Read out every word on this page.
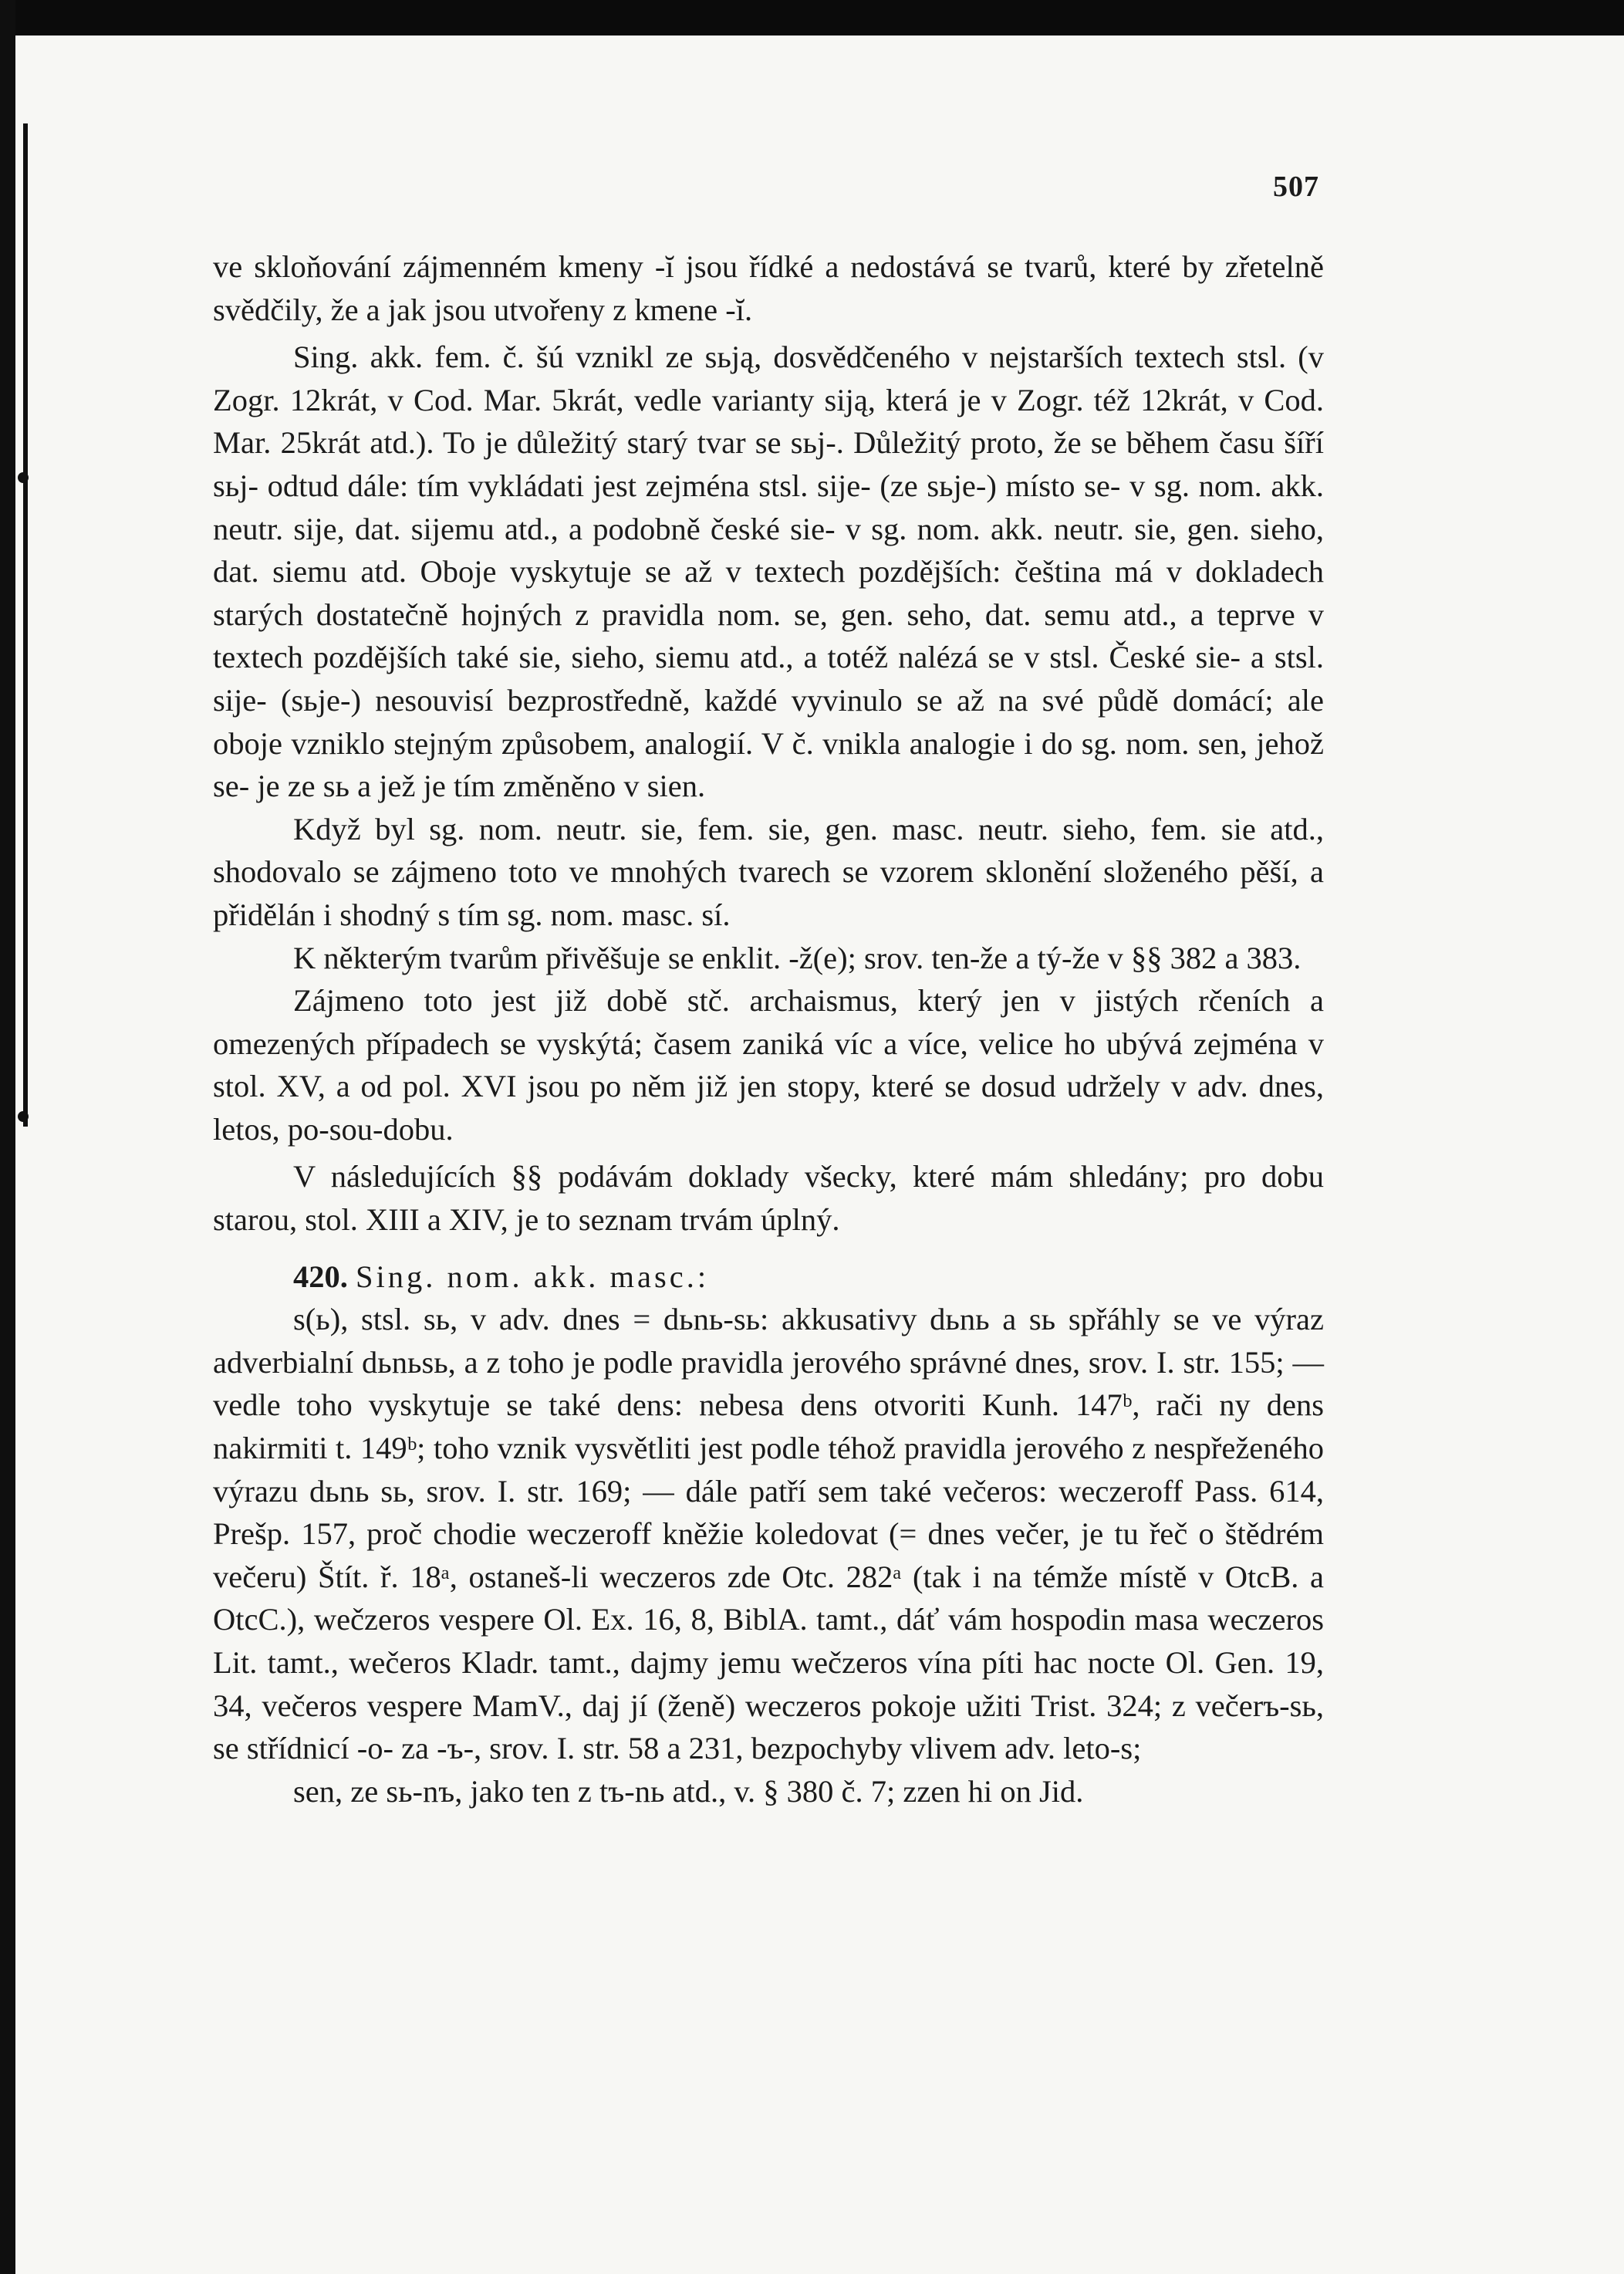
507

ve skloňování zájmenném kmeny -ĭ jsou řídké a nedostává se tvarů, které by zřetelně svědčily, že a jak jsou utvořeny z kmene -ĭ.

Sing. akk. fem. č. šú vznikl ze sьją, dosvědčeného v nejstarších textech stsl. (v Zogr. 12krát, v Cod. Mar. 5krát, vedle varianty siją, která je v Zogr. též 12krát, v Cod. Mar. 25krát atd.). To je důležitý starý tvar se sьj-. Důležitý proto, že se během času šíří sьj- odtud dále: tím vykládati jest zejména stsl. sije- (ze sьje-) místo se- v sg. nom. akk. neutr. sije, dat. sijemu atd., a podobně české sie- v sg. nom. akk. neutr. sie, gen. sieho, dat. siemu atd. Oboje vyskytuje se až v textech pozdějších: čeština má v dokladech starých dostatečně hojných z pravidla nom. se, gen. seho, dat. semu atd., a teprve v textech pozdějších také sie, sieho, siemu atd., a totéž nalézá se v stsl. České sie- a stsl. sije- (sьje-) nesouvisí bezprostředně, každé vyvinulo se až na své půdě domácí; ale oboje vzniklo stejným způsobem, analogií. V č. vnikla analogie i do sg. nom. sen, jehož se- je ze sь a jež je tím změněno v sien.

Když byl sg. nom. neutr. sie, fem. sie, gen. masc. neutr. sieho, fem. sie atd., shodovalo se zájmeno toto ve mnohých tvarech se vzorem sklonění složeného pěší, a přidělán i shodný s tím sg. nom. masc. sí.

K některým tvarům přivěšuje se enklit. -ž(e); srov. ten-že a tý-že v §§ 382 a 383.

Zájmeno toto jest již době stč. archaismus, který jen v jistých rčeních a omezených případech se vyskýtá; časem zaniká víc a více, velice ho ubývá zejména v stol. XV, a od pol. XVI jsou po něm již jen stopy, které se dosud udržely v adv. dnes, letos, po-sou-dobu.

V následujících §§ podávám doklady všecky, které mám shledány; pro dobu starou, stol. XIII a XIV, je to seznam trvám úplný.

420. Sing. nom. akk. masc.:

s(ь), stsl. sь, v adv. dnes = dьnь-sь: akkusativy dьnь a sь spřáhly se ve výraz adverbialní dьnьsь, a z toho je podle pravidla jerového správné dnes, srov. I. str. 155; — vedle toho vyskytuje se také dens: nebesa dens otvoriti Kunh. 147ᵇ, rači ny dens nakirmiti t. 149ᵇ; toho vznik vysvětliti jest podle téhož pravidla jerového z nespřeženého výrazu dьnь sь, srov. I. str. 169; — dále patří sem také večeros: weczeroff Pass. 614, Prešp. 157, proč chodie weczeroff kněžie koledovat (= dnes večer, je tu řeč o štědrém večeru) Štít. ř. 18ᵃ, ostaneš-li weczeros zde Otc. 282ᵃ (tak i na témže místě v OtcB. a OtcC.), wečzeros vespere Ol. Ex. 16, 8, BiblA. tamt., dáť vám hospodin masa weczeros Lit. tamt., wečeros Kladr. tamt., dajmy jemu wečzeros vína píti hac nocte Ol. Gen. 19, 34, večeros vespere MamV., daj jí (ženě) weczeros pokoje užiti Trist. 324; z večerъ-sь, se střídnicí -o- za -ъ-, srov. I. str. 58 a 231, bezpochyby vlivem adv. leto-s;

sen, ze sь-nъ, jako ten z tъ-nь atd., v. § 380 č. 7; zzen hi on Jid.
